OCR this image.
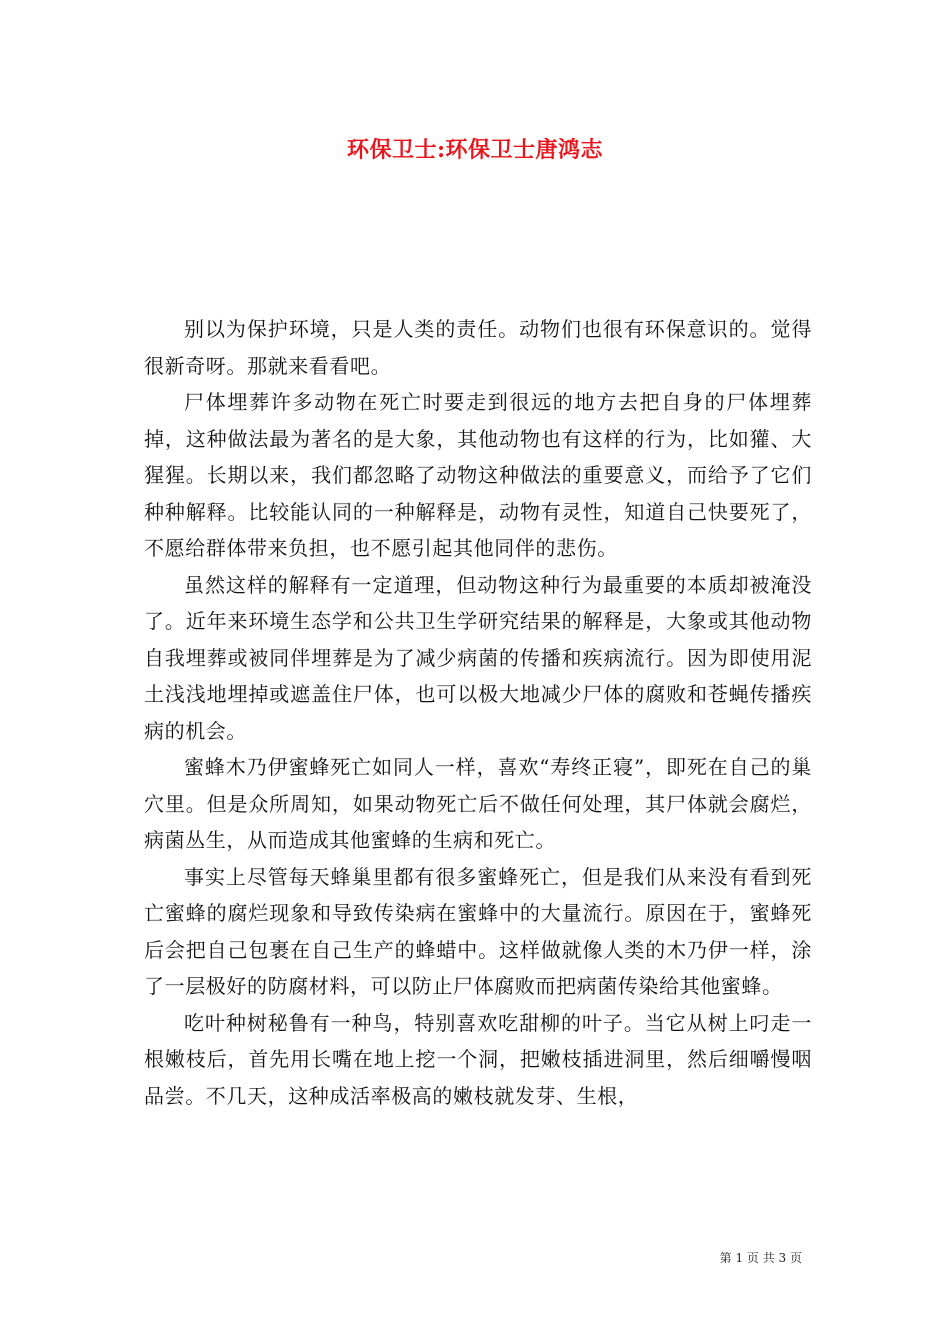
环保卫士:环保卫士唐鸿志

别以为保护环境，只是人类的责任。动物们也很有环保意识的。觉得很新奇呀。那就来看看吧。

尸体埋葬许多动物在死亡时要走到很远的地方去把自身的尸体埋葬掉，这种做法最为著名的是大象，其他动物也有这样的行为，比如獾、大猩猩。长期以来，我们都忽略了动物这种做法的重要意义，而给予了它们种种解释。比较能认同的一种解释是，动物有灵性，知道自己快要死了，不愿给群体带来负担，也不愿引起其他同伴的悲伤。

虽然这样的解释有一定道理，但动物这种行为最重要的本质却被淹没了。近年来环境生态学和公共卫生学研究结果的解释是，大象或其他动物自我埋葬或被同伴埋葬是为了减少病菌的传播和疾病流行。因为即使用泥土浅浅地埋掉或遮盖住尸体，也可以极大地减少尸体的腐败和苍蝇传播疾病的机会。

蜜蜂木乃伊蜜蜂死亡如同人一样，喜欢“寿终正寝”，即死在自己的巢穴里。但是众所周知，如果动物死亡后不做任何处理，其尸体就会腐烂，病菌丛生，从而造成其他蜜蜂的生病和死亡。

事实上尽管每天蜂巢里都有很多蜜蜂死亡，但是我们从来没有看到死亡蜜蜂的腐烂现象和导致传染病在蜜蜂中的大量流行。原因在于，蜜蜂死后会把自己包裹在自己生产的蜂蜡中。这样做就像人类的木乃伊一样，涂了一层极好的防腐材料，可以防止尸体腐败而把病菌传染给其他蜜蜂。

吃叶种树秘鲁有一种鸟，特别喜欢吃甜柳的叶子。当它从树上叼走一根嫩枝后，首先用长嘴在地上挖一个洞，把嫩枝插进洞里，然后细嚼慢咽品尝。不几天，这种成活率极高的嫩枝就发芽、生根，

第 1 页 共 3 页
